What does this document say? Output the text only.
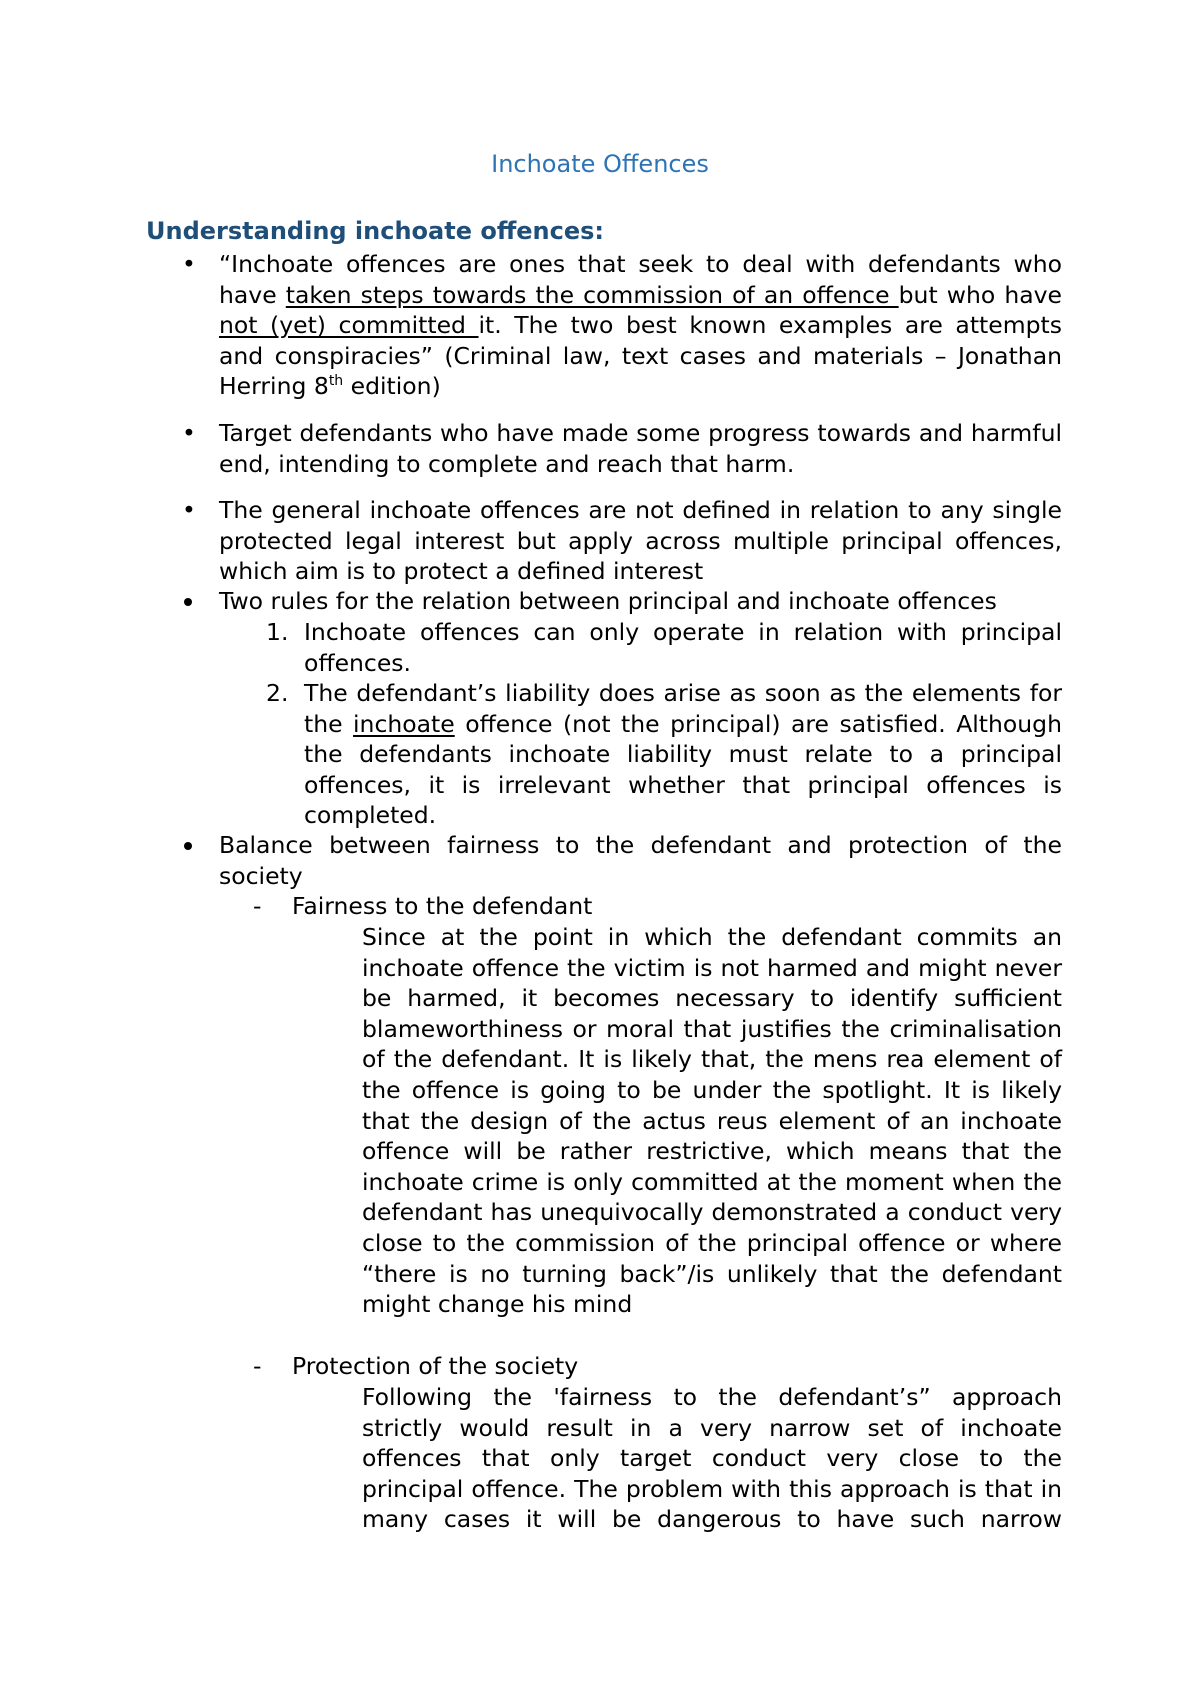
Inchoate Offences
Understanding inchoate offences:
• “Inchoate offences are ones that seek to deal with defendants who have taken steps towards the commission of an offence but who have not (yet) committed it. The two best known examples are attempts and conspiracies” (Criminal law, text cases and materials – Jonathan Herring 8th edition)
• Target defendants who have made some progress towards and harmful end, intending to complete and reach that harm.
• The general inchoate offences are not defined in relation to any single protected legal interest but apply across multiple principal offences, which aim is to protect a defined interest
Two rules for the relation between principal and inchoate offences
1. Inchoate offences can only operate in relation with principal offences.
2. The defendant’s liability does arise as soon as the elements for the inchoate offence (not the principal) are satisfied. Although the defendants inchoate liability must relate to a principal offences, it is irrelevant whether that principal offences is completed.
Balance between fairness to the defendant and protection of the society
- Fairness to the defendant
Since at the point in which the defendant commits an inchoate offence the victim is not harmed and might never be harmed, it becomes necessary to identify sufficient blameworthiness or moral that justifies the criminalisation of the defendant. It is likely that, the mens rea element of the offence is going to be under the spotlight. It is likely that the design of the actus reus element of an inchoate offence will be rather restrictive, which means that the inchoate crime is only committed at the moment when the defendant has unequivocally demonstrated a conduct very close to the commission of the principal offence or where “there is no turning back”/is unlikely that the defendant might change his mind
- Protection of the society
Following the 'fairness to the defendant’s” approach strictly would result in a very narrow set of inchoate offences that only target conduct very close to the principal offence. The problem with this approach is that in many cases it will be dangerous to have such narrow
